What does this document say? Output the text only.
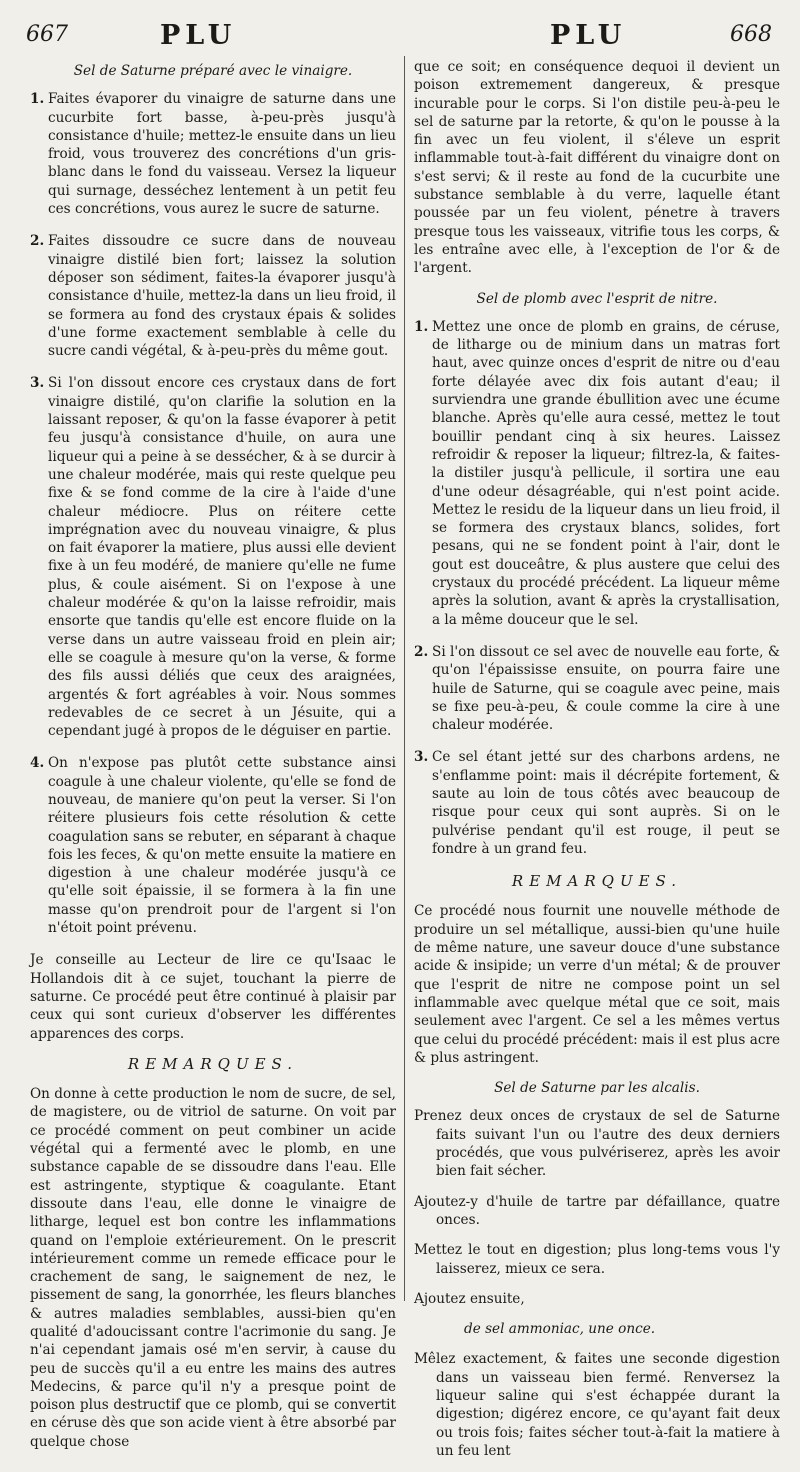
667	PLU	PLU	668
Sel de Saturne préparé avec le vinaigre.
1. Faites évaporer du vinaigre de saturne dans une cucurbite fort basse, à-peu-près jusqu'à consistance d'huile; mettez-le ensuite dans un lieu froid, vous trouverez des concrétions d'un gris-blanc dans le fond du vaisseau. Versez la liqueur qui surnage, desséchez lentement à un petit feu ces concrétions, vous aurez le sucre de saturne.
2. Faites dissoudre ce sucre dans de nouveau vinaigre distilé bien fort; laissez la solution déposer son sédiment, faites-la évaporer jusqu'à consistance d'huile, mettez-la dans un lieu froid, il se formera au fond des crystaux épais & solides d'une forme exactement semblable à celle du sucre candi végétal, & à-peu-près du même gout.
3. Si l'on dissout encore ces crystaux dans de fort vinaigre distilé, qu'on clarifie la solution en la laissant reposer, & qu'on la fasse évaporer à petit feu jusqu'à consistance d'huile, on aura une liqueur qui a peine à se dessécher, & à se durcir à une chaleur modérée, mais qui reste quelque peu fixe & se fond comme de la cire à l'aide d'une chaleur médiocre. Plus on réitere cette imprégnation avec du nouveau vinaigre, & plus on fait évaporer la matiere, plus aussi elle devient fixe à un feu modéré, de maniere qu'elle ne fume plus, & coule aisément. Si on l'expose à une chaleur modérée & qu'on la laisse refroidir, mais ensorte que tandis qu'elle est encore fluide on la verse dans un autre vaisseau froid en plein air; elle se coagule à mesure qu'on la verse, & forme des fils aussi déliés que ceux des araignées, argentés & fort agréables à voir. Nous sommes redevables de ce secret à un Jésuite, qui a cependant jugé à propos de le déguiser en partie.
4. On n'expose pas plutôt cette substance ainsi coagule à une chaleur violente, qu'elle se fond de nouveau, de maniere qu'on peut la verser. Si l'on réitere plusieurs fois cette résolution & cette coagulation sans se rebuter, en séparant à chaque fois les feces, & qu'on mette ensuite la matiere en digestion à une chaleur modérée jusqu'à ce qu'elle soit épaissie, il se formera à la fin une masse qu'on prendroit pour de l'argent si l'on n'étoit point prévenu.
Je conseille au Lecteur de lire ce qu'Isaac le Hollandois dit à ce sujet, touchant la pierre de saturne. Ce procédé peut être continué à plaisir par ceux qui sont curieux d'observer les différentes apparences des corps.
REMARQUES.
On donne à cette production le nom de sucre, de sel, de magistere, ou de vitriol de saturne. On voit par ce procédé comment on peut combiner un acide végétal qui a fermenté avec le plomb, en une substance capable de se dissoudre dans l'eau. Elle est astringente, styptique & coagulante. Etant dissoute dans l'eau, elle donne le vinaigre de litharge, lequel est bon contre les inflammations quand on l'emploie extérieurement. On le prescrit intérieurement comme un remede efficace pour le crachement de sang, le saignement de nez, le pissement de sang, la gonorrhée, les fleurs blanches & autres maladies semblables, aussi-bien qu'en qualité d'adoucissant contre l'acrimonie du sang. Je n'ai cependant jamais osé m'en servir, à cause du peu de succès qu'il a eu entre les mains des autres Medecins, & parce qu'il n'y a presque point de poison plus destructif que ce plomb, qui se convertit en cérusе dès que son acide vient à être absorbé par quelque chose
que ce soit; en conséquence dequoi il devient un poison extremement dangereux, & presque incurable pour le corps. Si l'on distile peu-à-peu le sel de saturne par la retorte, & qu'on le pousse à la fin avec un feu violent, il s'éleve un esprit inflammable tout-à-fait différent du vinaigre dont on s'est servi; & il reste au fond de la cucurbite une substance semblable à du verre, laquelle étant poussée par un feu violent, pénetre à travers presque tous les vaisseaux, vitrifie tous les corps, & les entraîne avec elle, à l'exception de l'or & de l'argent.
Sel de plomb avec l'esprit de nitre.
1. Mettez une once de plomb en grains, de céruse, de litharge ou de minium dans un matras fort haut, avec quinze onces d'esprit de nitre ou d'eau forte délayée avec dix fois autant d'eau; il surviendra une grande ébullition avec une écume blanche. Après qu'elle aura cessé, mettez le tout bouillir pendant cinq à six heures. Laissez refroidir & reposer la liqueur; filtrez-la, & faites-la distiler jusqu'à pellicule, il sortira une eau d'une odeur désagréable, qui n'est point acide. Mettez le residu de la liqueur dans un lieu froid, il se formera des crystaux blancs, solides, fort pesans, qui ne se fondent point à l'air, dont le gout est douceâtre, & plus austere que celui des crystaux du procédé précédent. La liqueur même après la solution, avant & après la crystallisation, a la même douceur que le sel.
2. Si l'on dissout ce sel avec de nouvelle eau forte, & qu'on l'épaississe ensuite, on pourra faire une huile de Saturne, qui se coagule avec peine, mais se fixe peu-à-peu, & coule comme la cire à une chaleur modérée.
3. Ce sel étant jetté sur des charbons ardens, ne s'enflamme point: mais il décrépite fortement, & saute au loin de tous côtés avec beaucoup de risque pour ceux qui sont auprès. Si on le pulvérise pendant qu'il est rouge, il peut se fondre à un grand feu.
REMARQUES.
Ce procédé nous fournit une nouvelle méthode de produire un sel métallique, aussi-bien qu'une huile de même nature, une saveur douce d'une substance acide & insipide; un verre d'un métal; & de prouver que l'esprit de nitre ne compose point un sel inflammable avec quelque métal que ce soit, mais seulement avec l'argent. Ce sel a les mêmes vertus que celui du procédé précédent: mais il est plus acre & plus astringent.
Sel de Saturne par les alcalis.
Prenez deux onces de crystaux de sel de Saturne faits suivant l'un ou l'autre des deux derniers procédés, que vous pulvériserez, après les avoir bien fait sécher.
Ajoutez-y d'huile de tartre par défaillance, quatre onces.
Mettez le tout en digestion; plus long-tems vous l'y laisserez, mieux ce sera.
Ajoutez ensuite,
de sel ammoniac, une once.
Mêlez exactement, & faites une seconde digestion dans un vaisseau bien fermé. Renversez la liqueur saline qui s'est échappée durant la digestion; digérez encore, ce qu'ayant fait deux ou trois fois; faites sécher tout-à-fait la matiere à un feu lent
